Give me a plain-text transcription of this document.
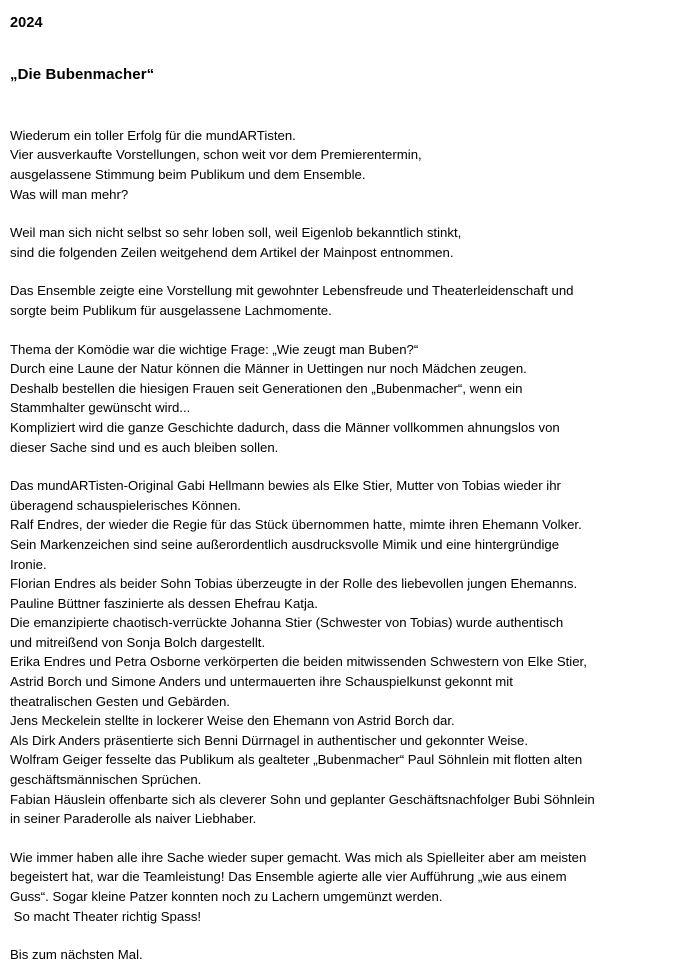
2024
„Die Bubenmacher“

Wiederum ein toller Erfolg für die mundARTisten.
Vier ausverkaufte Vorstellungen, schon weit vor dem Premierentermin,
ausgelassene Stimmung beim Publikum und dem Ensemble.
Was will man mehr?

Weil man sich nicht selbst so sehr loben soll, weil Eigenlob bekanntlich stinkt,
sind die folgenden Zeilen weitgehend dem Artikel der Mainpost entnommen.

Das Ensemble zeigte eine Vorstellung mit gewohnter Lebensfreude und Theaterleidenschaft und
sorgte beim Publikum für ausgelassene Lachmomente.

Thema der Komödie war die wichtige Frage: „Wie zeugt man Buben?“
Durch eine Laune der Natur können die Männer in Uettingen nur noch Mädchen zeugen.
Deshalb bestellen die hiesigen Frauen seit Generationen den „Bubenmacher“, wenn ein
Stammhalter gewünscht wird...
Kompliziert wird die ganze Geschichte dadurch, dass die Männer vollkommen ahnungslos von
dieser Sache sind und es auch bleiben sollen.

Das mundARTisten-Original Gabi Hellmann bewies als Elke Stier, Mutter von Tobias wieder ihr
überagend schauspielerisches Können.
Ralf Endres, der wieder die Regie für das Stück übernommen hatte, mimte ihren Ehemann Volker.
Sein Markenzeichen sind seine außerordentlich ausdrucksvolle Mimik und eine hintergründige
Ironie.
Florian Endres als beider Sohn Tobias überzeugte in der Rolle des liebevollen jungen Ehemanns.
Pauline Büttner faszinierte als dessen Ehefrau Katja.
Die emanzipierte chaotisch-verrückte Johanna Stier (Schwester von Tobias) wurde authentisch
und mitreißend von Sonja Bolch dargestellt.
Erika Endres und Petra Osborne verkörperten die beiden mitwissenden Schwestern von Elke Stier,
Astrid Borch und Simone Anders und untermauerten ihre Schauspielkunst gekonnt mit
theatralischen Gesten und Gebärden.
Jens Meckelein stellte in lockerer Weise den Ehemann von Astrid Borch dar.
Als Dirk Anders präsentierte sich Benni Dürrnagel in authentischer und gekonnter Weise.
Wolfram Geiger fesselte das Publikum als gealteter „Bubenmacher“ Paul Söhnlein mit flotten alten
geschäftsmännischen Sprüchen.
Fabian Häuslein offenbarte sich als cleverer Sohn und geplanter Geschäftsnachfolger Bubi Söhnlein
in seiner Paraderolle als naiver Liebhaber.

Wie immer haben alle ihre Sache wieder super gemacht. Was mich als Spielleiter aber am meisten
begeistert hat, war die Teamleistung! Das Ensemble agierte alle vier Aufführung „wie aus einem
Guss“. Sogar kleine Patzer konnten noch zu Lachern umgemünzt werden.
So macht Theater richtig Spass!

Bis zum nächsten Mal.
